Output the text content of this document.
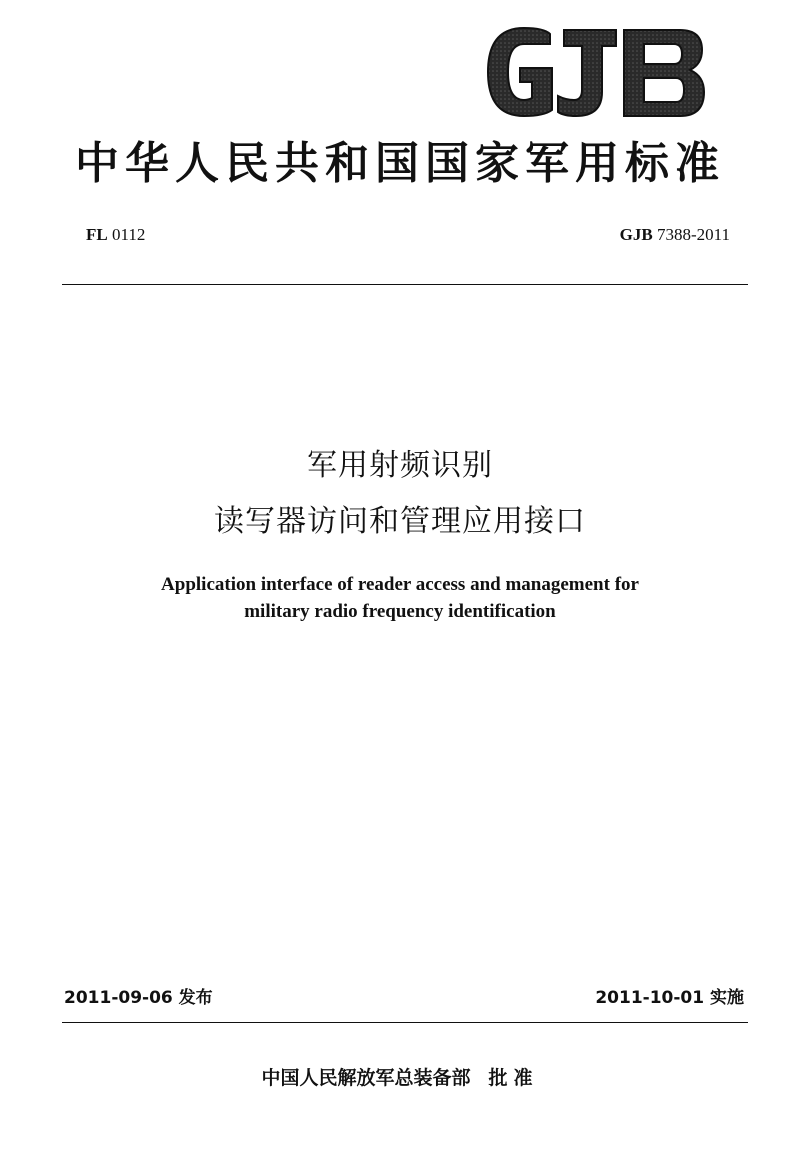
中华人民共和国国家军用标准
FL 0112	GJB 7388-2011
军用射频识别
读写器访问和管理应用接口
Application interface of reader access and management for
military radio frequency identification
2011-09-06 发布	2011-10-01 实施
中国人民解放军总装备部 批准
